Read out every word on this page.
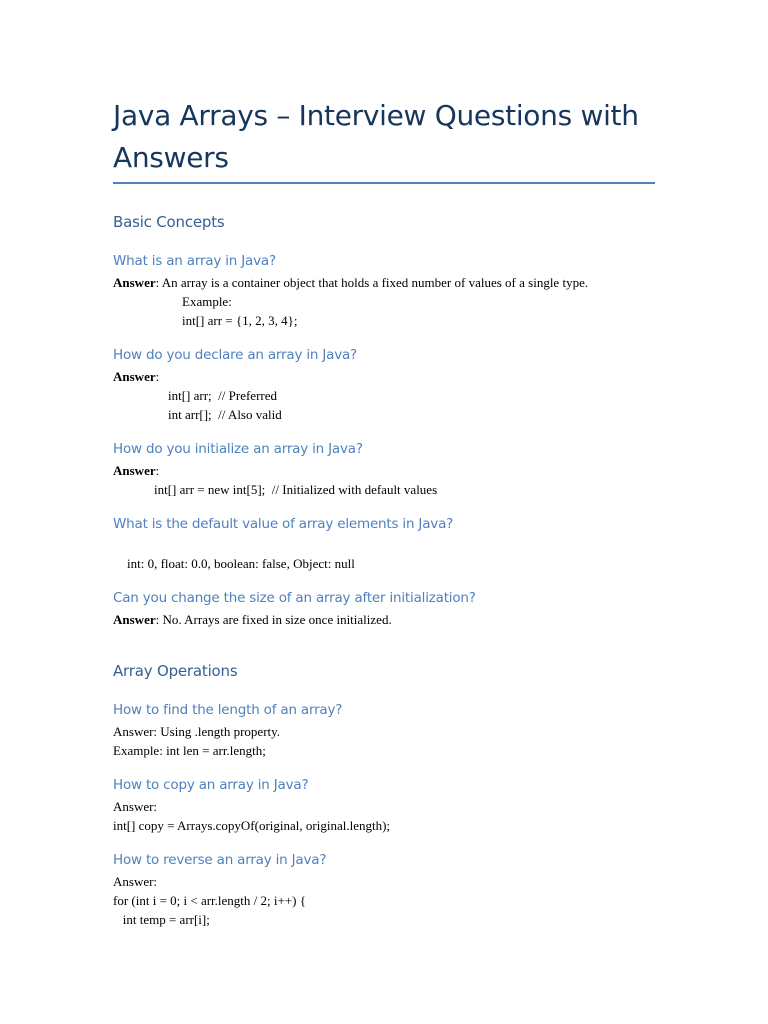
Java Arrays – Interview Questions with
Answers
Basic Concepts
What is an array in Java?
Answer: An array is a container object that holds a fixed number of values of a single type.
Example:
int[] arr = {1, 2, 3, 4};
How do you declare an array in Java?
Answer:
int[] arr;  // Preferred
int arr[];  // Also valid
How do you initialize an array in Java?
Answer:
int[] arr = new int[5];  // Initialized with default values
What is the default value of array elements in Java?
int: 0, float: 0.0, boolean: false, Object: null
Can you change the size of an array after initialization?
Answer: No. Arrays are fixed in size once initialized.
Array Operations
How to find the length of an array?
Answer: Using .length property.
Example: int len = arr.length;
How to copy an array in Java?
Answer:
int[] copy = Arrays.copyOf(original, original.length);
How to reverse an array in Java?
Answer:
for (int i = 0; i < arr.length / 2; i++) {
int temp = arr[i];
